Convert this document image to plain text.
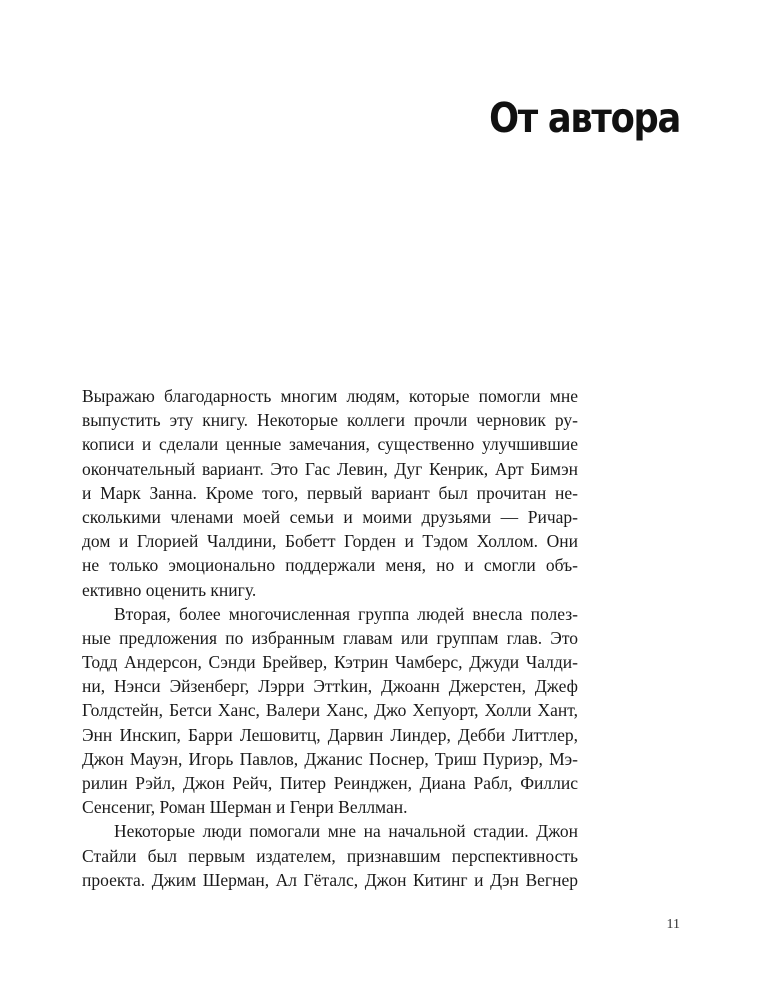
От автора
Выражаю благодарность многим людям, которые помогли мне
выпустить эту книгу. Некоторые коллеги прочли черновик ру-
кописи и сделали ценные замечания, существенно улучшившие
окончательный вариант. Это Гас Левин, Дуг Кенрик, Арт Бимэн
и Марк Занна. Кроме того, первый вариант был прочитан не-
сколькими членами моей семьи и моими друзьями — Ричар-
дом и Глорией Чалдини, Бобетт Горден и Тэдом Холлом. Они
не только эмоционально поддержали меня, но и смогли объ-
ективно оценить книгу.
Вторая, более многочисленная группа людей внесла полез-
ные предложения по избранным главам или группам глав. Это
Тодд Андерсон, Сэнди Брейвер, Кэтрин Чамберс, Джуди Чалди-
ни, Нэнси Эйзенберг, Лэрри Эттkин, Джоанн Джерстен, Джеф
Голдстейн, Бетси Ханс, Валери Ханс, Джо Хепуорт, Холли Хант,
Энн Инскип, Барри Лешовитц, Дарвин Линдер, Дебби Литтлер,
Джон Мауэн, Игорь Павлов, Джанис Поснер, Триш Пуриэр, Мэ-
рилин Рэйл, Джон Рейч, Питер Реинджен, Диана Рабл, Филлис
Сенсениг, Роман Шерман и Генри Веллман.
Некоторые люди помогали мне на начальной стадии. Джон
Стайли был первым издателем, признавшим перспективность
проекта. Джим Шерман, Ал Гёталс, Джон Китинг и Дэн Вегнер
11
